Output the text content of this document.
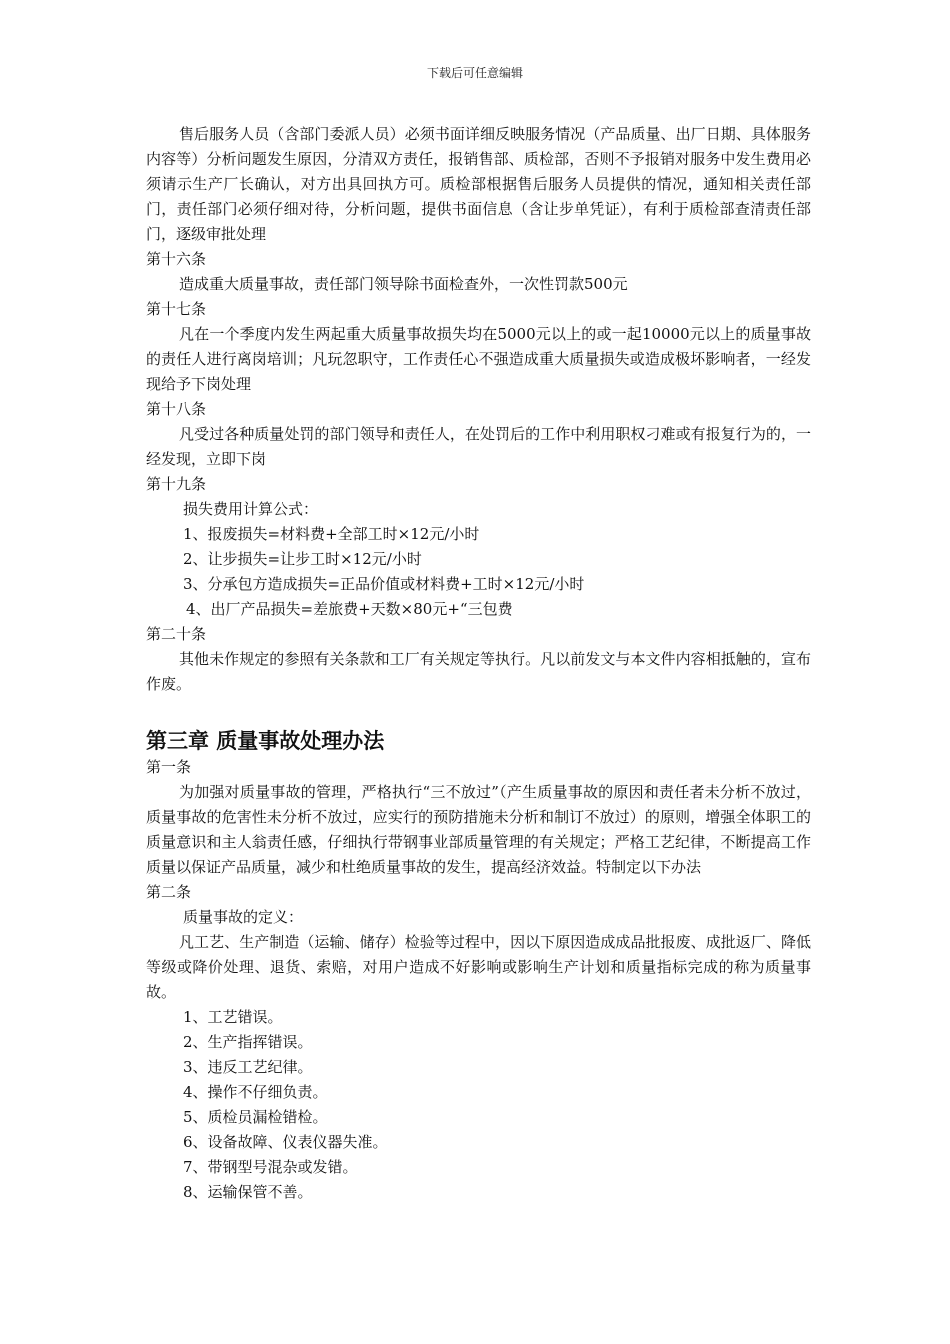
下载后可任意编辑

售后服务人员（含部门委派人员）必须书面详细反映服务情况（产品质量、出厂日期、具体服务内容等）分析问题发生原因，分清双方责任，报销售部、质检部，否则不予报销对服务中发生费用必须请示生产厂长确认，对方出具回执方可。质检部根据售后服务人员提供的情况，通知相关责任部门，责任部门必须仔细对待，分析问题，提供书面信息（含让步单凭证），有利于质检部查清责任部门，逐级审批处理

第十六条

造成重大质量事故，责任部门领导除书面检查外，一次性罚款500元

第十七条

凡在一个季度内发生两起重大质量事故损失均在5000元以上的或一起10000元以上的质量事故的责任人进行离岗培训；凡玩忽职守，工作责任心不强造成重大质量损失或造成极坏影响者，一经发现给予下岗处理

第十八条

凡受过各种质量处罚的部门领导和责任人，在处罚后的工作中利用职权刁难或有报复行为的，一经发现，立即下岗

第十九条

损失费用计算公式：

1、报废损失=材料费+全部工时×12元/小时

2、让步损失=让步工时×12元/小时

3、分承包方造成损失=正品价值或材料费+工时×12元/小时

4、出厂产品损失=差旅费+天数×80元+“三包费

第二十条

其他未作规定的参照有关条款和工厂有关规定等执行。凡以前发文与本文件内容相抵触的，宣布作废。

第三章 质量事故处理办法

第一条

为加强对质量事故的管理，严格执行“三不放过”（产生质量事故的原因和责任者未分析不放过，质量事故的危害性未分析不放过，应实行的预防措施未分析和制订不放过）的原则，增强全体职工的质量意识和主人翁责任感，仔细执行带钢事业部质量管理的有关规定；严格工艺纪律，不断提高工作质量以保证产品质量，减少和杜绝质量事故的发生，提高经济效益。特制定以下办法

第二条

质量事故的定义：

凡工艺、生产制造（运输、储存）检验等过程中，因以下原因造成成品批报废、成批返厂、降低等级或降价处理、退货、索赔，对用户造成不好影响或影响生产计划和质量指标完成的称为质量事故。

1、工艺错误。

2、生产指挥错误。

3、违反工艺纪律。

4、操作不仔细负责。

5、质检员漏检错检。

6、设备故障、仪表仪器失准。

7、带钢型号混杂或发错。

8、运输保管不善。
